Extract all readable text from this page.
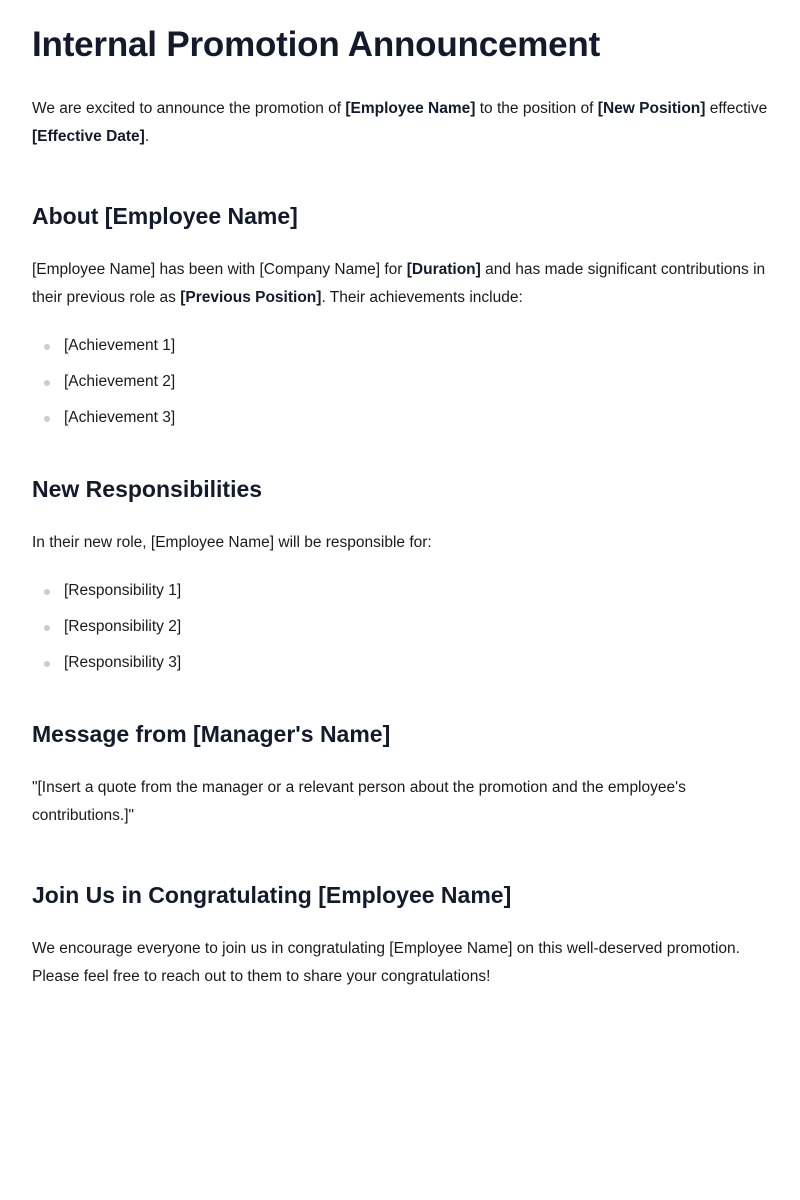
Internal Promotion Announcement

We are excited to announce the promotion of [Employee Name] to the position of [New Position] effective [Effective Date].

About [Employee Name]

[Employee Name] has been with [Company Name] for [Duration] and has made significant contributions in their previous role as [Previous Position]. Their achievements include:

[Achievement 1]
[Achievement 2]
[Achievement 3]
New Responsibilities

In their new role, [Employee Name] will be responsible for:

[Responsibility 1]
[Responsibility 2]
[Responsibility 3]
Message from [Manager's Name]

"[Insert a quote from the manager or a relevant person about the promotion and the employee's contributions.]"

Join Us in Congratulating [Employee Name]

We encourage everyone to join us in congratulating [Employee Name] on this well-deserved promotion. Please feel free to reach out to them to share your congratulations!
